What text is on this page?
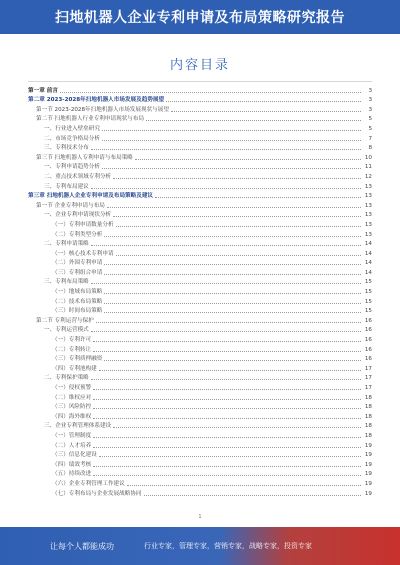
扫地机器人企业专利申请及布局策略研究报告
内容目录
第一章 前言	3
第二章 2023-2028年扫地机器人市场发展及趋势展望	3
第一节 2023-2028年扫地机器人市场发展现状与展望	3
第二节 扫地机器人行业专利申请现状与布局	5
一、行业进入壁垒研究	5
二、市场竞争格局分析	7
三、专利技术分布	8
第三节 扫地机器人专利申请与布局策略	10
一、专利申请趋势分析	11
二、重点技术领域专利分析	12
三、专利布局建议	13
第三章 扫地机器人企业专利申请及布局策略及建议	13
第一节 企业专利申请与布局	13
一、企业专利申请现状分析	13
（一）专利申请数量分析	13
（二）专利类型分析	13
二、专利申请策略	14
（一）核心技术专利申请	14
（二）外围专利申请	14
（三）专利组合申请	14
三、专利布局策略	15
（一）地域布局策略	15
（二）技术布局策略	15
（三）时间布局策略	15
第二节 专利运营与保护	16
一、专利运营模式	16
（一）专利许可	16
（二）专利转让	16
（三）专利质押融资	16
（四）专利池构建	17
二、专利保护策略	17
（一）侵权预警	17
（二）维权应对	18
（三）风险防控	18
（四）海外维权	18
三、企业专利管理体系建设	18
（一）管理制度	18
（二）人才培养	19
（三）信息化建设	19
（四）绩效考核	19
（五）持续改进	19
（六）企业专利管理工作建议	19
（七）专利布局与企业发展战略协同	19
1
让每个人都能成功	行业专家，管理专家，营销专家，战略专家，投资专家
